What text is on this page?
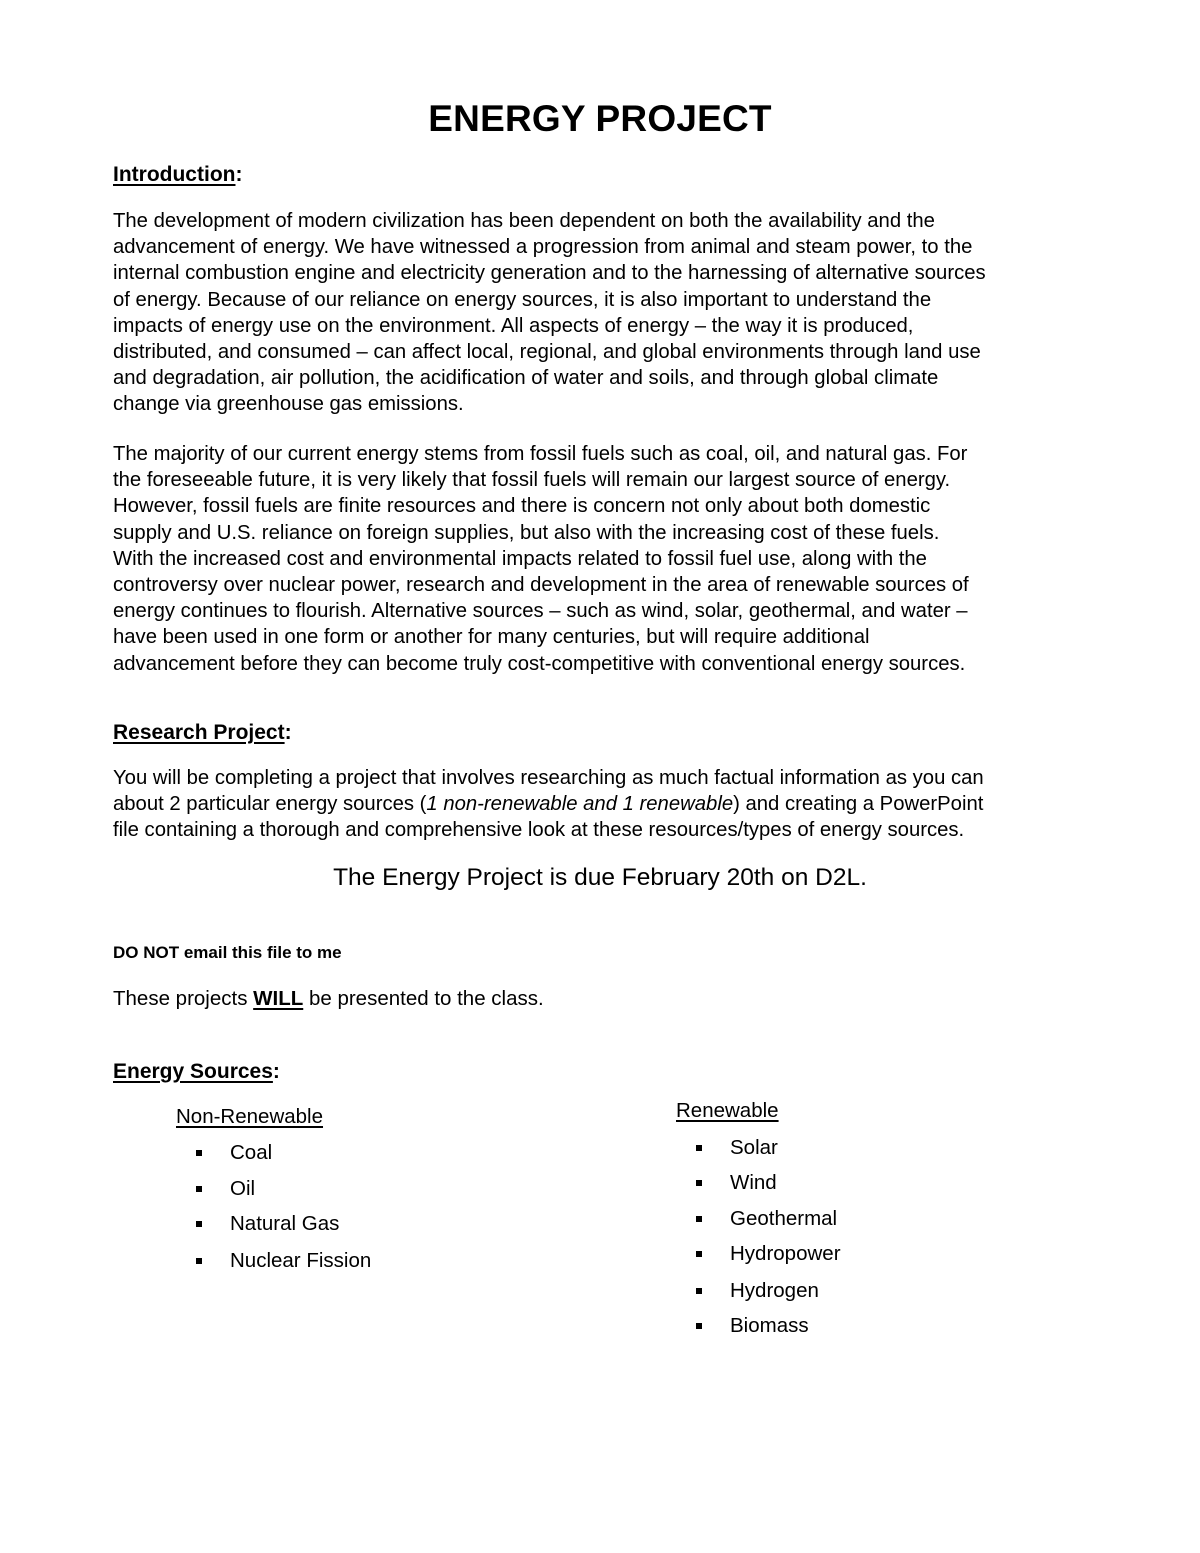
ENERGY PROJECT
Introduction:
The development of modern civilization has been dependent on both the availability and the
advancement of energy. We have witnessed a progression from animal and steam power, to the
internal combustion engine and electricity generation and to the harnessing of alternative sources
of energy. Because of our reliance on energy sources, it is also important to understand the
impacts of energy use on the environment. All aspects of energy – the way it is produced,
distributed, and consumed – can affect local, regional, and global environments through land use
and degradation, air pollution, the acidification of water and soils, and through global climate
change via greenhouse gas emissions.
The majority of our current energy stems from fossil fuels such as coal, oil, and natural gas. For
the foreseeable future, it is very likely that fossil fuels will remain our largest source of energy.
However, fossil fuels are finite resources and there is concern not only about both domestic
supply and U.S. reliance on foreign supplies, but also with the increasing cost of these fuels.
With the increased cost and environmental impacts related to fossil fuel use, along with the
controversy over nuclear power, research and development in the area of renewable sources of
energy continues to flourish. Alternative sources – such as wind, solar, geothermal, and water –
have been used in one form or another for many centuries, but will require additional
advancement before they can become truly cost-competitive with conventional energy sources.
Research Project:
You will be completing a project that involves researching as much factual information as you can
about 2 particular energy sources (1 non-renewable and 1 renewable) and creating a PowerPoint
file containing a thorough and comprehensive look at these resources/types of energy sources.
The Energy Project is due February 20th on D2L.
DO NOT email this file to me
These projects WILL be presented to the class.
Energy Sources:
Non-Renewable
Coal
Oil
Natural Gas
Nuclear Fission
Renewable
Solar
Wind
Geothermal
Hydropower
Hydrogen
Biomass
